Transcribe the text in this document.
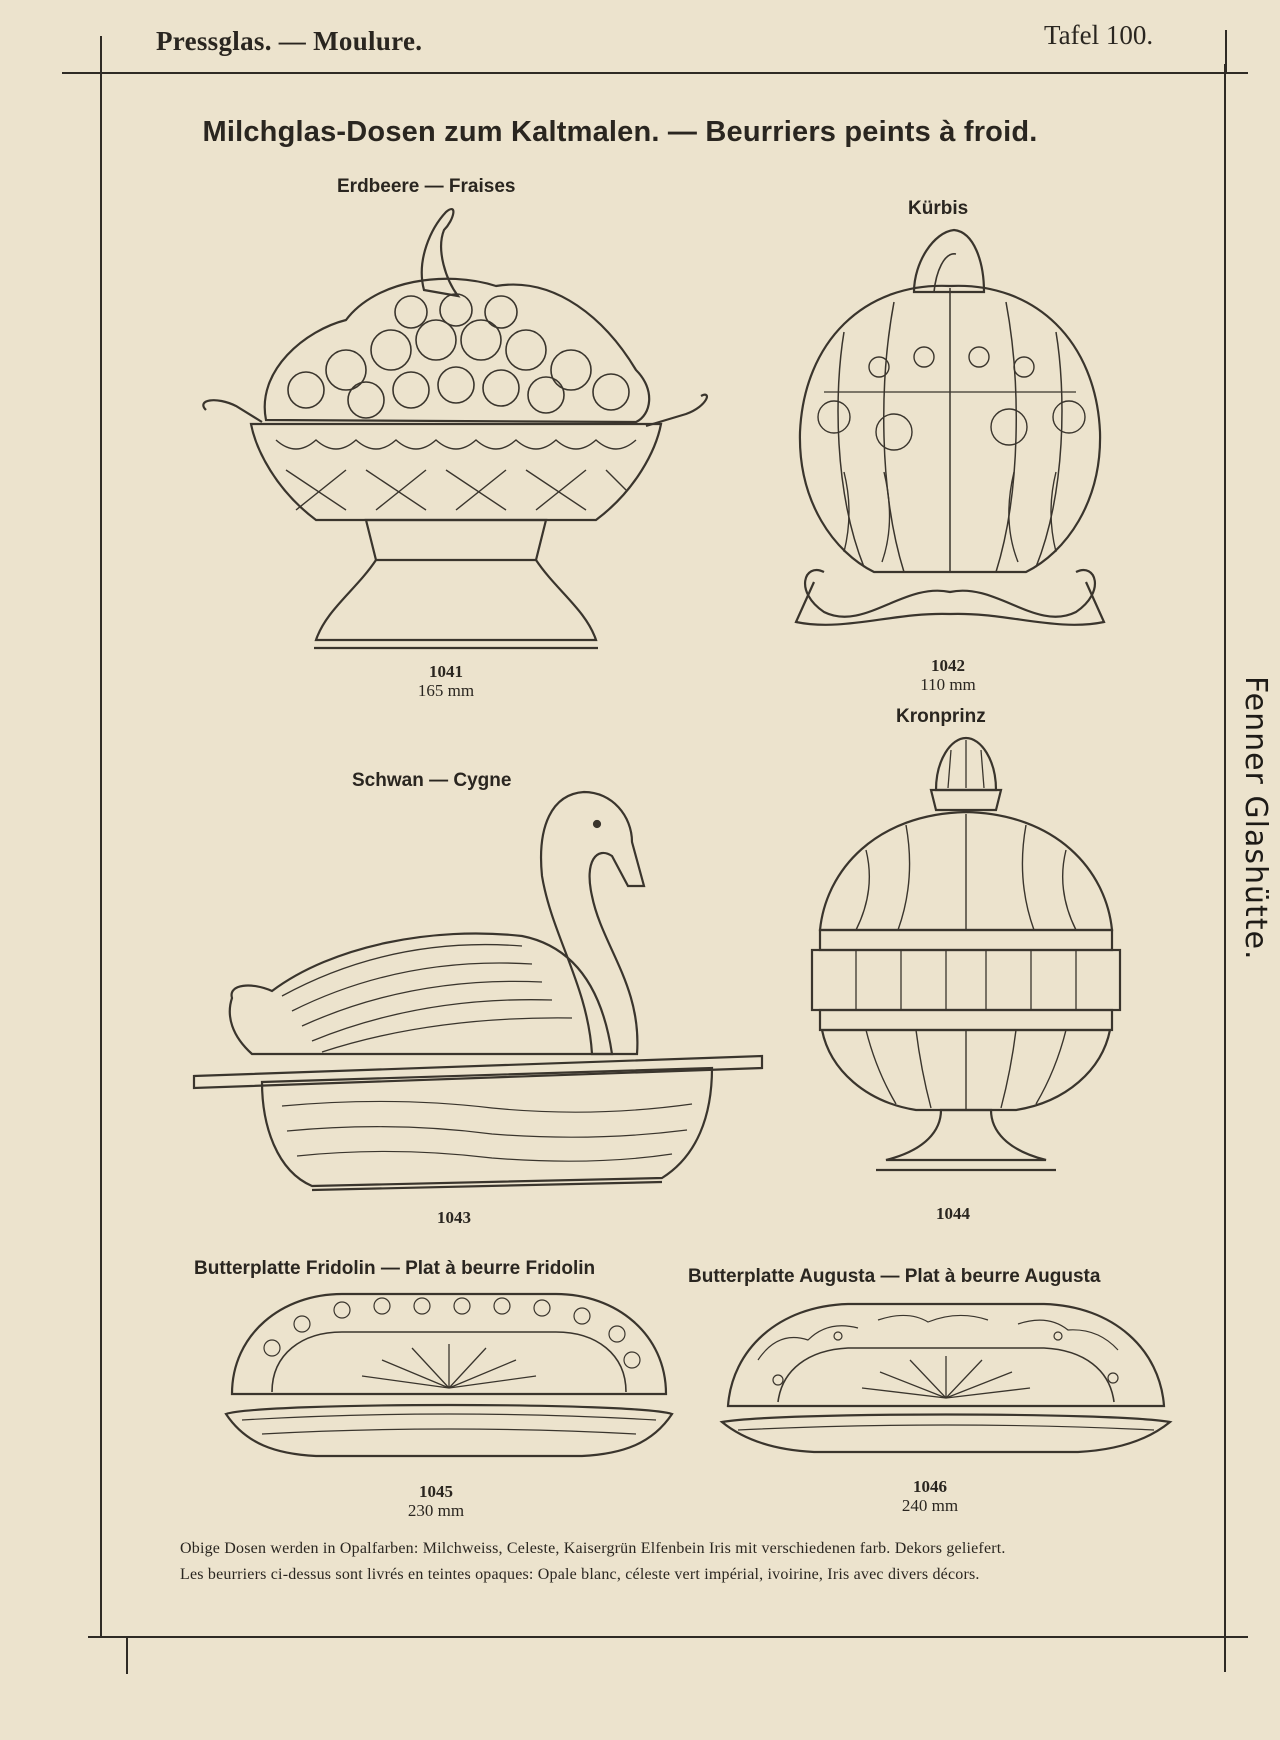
Pressglas. — Moulure.	Tafel 100.
Milchglas-Dosen zum Kaltmalen. — Beurriers peints à froid.
Fenner Glashütte.
Erdbeere — Fraises
1041
165 mm
Kürbis
1042
110 mm
Schwan — Cygne
1043
Kronprinz
1044
Butterplatte Fridolin — Plat à beurre Fridolin
1045
230 mm
Butterplatte Augusta — Plat à beurre Augusta
1046
240 mm
Obige Dosen werden in Opalfarben: Milchweiss, Celeste, Kaisergrün Elfenbein Iris mit verschiedenen farb. Dekors geliefert.
Les beurriers ci-dessus sont livrés en teintes opaques: Opale blanc, céleste vert impérial, ivoirine, Iris avec divers décors.
